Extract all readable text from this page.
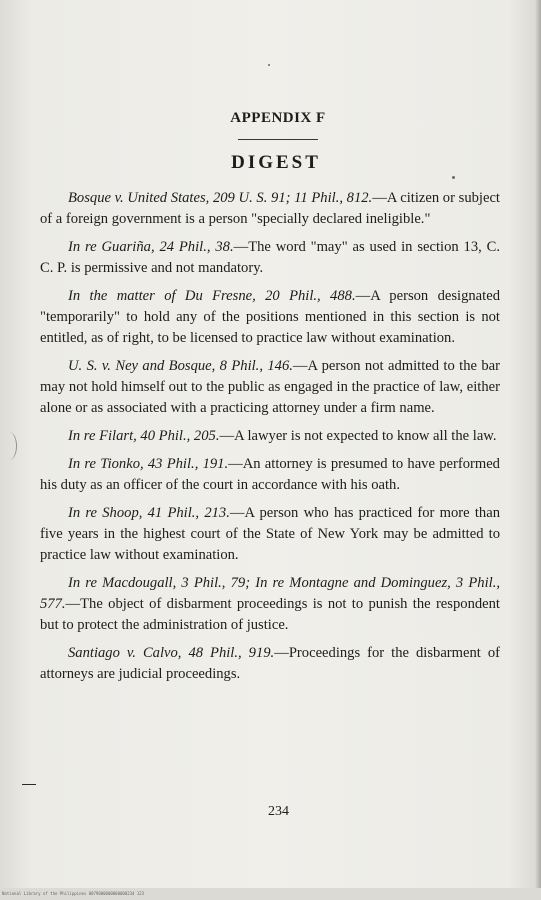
APPENDIX F
DIGEST

Bosque v. United States, 209 U. S. 91; 11 Phil., 812.—A citizen or subject of a foreign government is a person "specially declared ineligible."

In re Guariña, 24 Phil., 38.—The word "may" as used in section 13, C. C. P. is permissive and not mandatory.

In the matter of Du Fresne, 20 Phil., 488.—A person designated "temporarily" to hold any of the positions mentioned in this section is not entitled, as of right, to be licensed to practice law without examination.

U. S. v. Ney and Bosque, 8 Phil., 146.—A person not admitted to the bar may not hold himself out to the public as engaged in the practice of law, either alone or as associated with a practicing attorney under a firm name.

In re Filart, 40 Phil., 205.—A lawyer is not expected to know all the law.

In re Tionko, 43 Phil., 191.—An attorney is presumed to have performed his duty as an officer of the court in accordance with his oath.

In re Shoop, 41 Phil., 213.—A person who has practiced for more than five years in the highest court of the State of New York may be admitted to practice law without examination.

In re Macdougall, 3 Phil., 79; In re Montagne and Dominguez, 3 Phil., 577.—The object of disbarment proceedings is not to punish the respondent but to protect the administration of justice.

Santiago v. Calvo, 48 Phil., 919.—Proceedings for the disbarment of attorneys are judicial proceedings.

234
National Library of the Philippines 0079000000000000234 123
